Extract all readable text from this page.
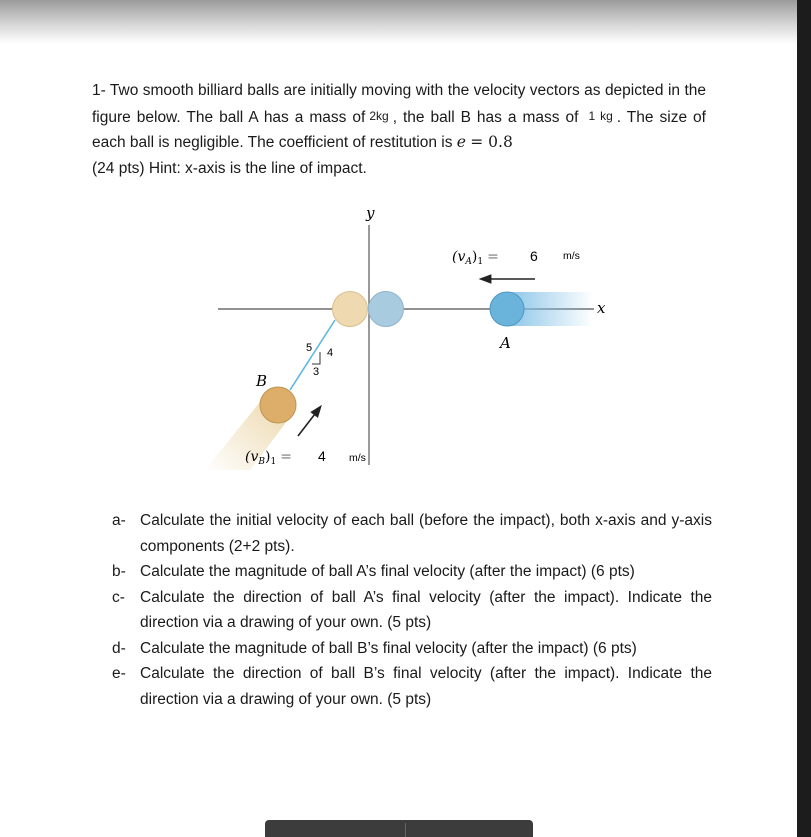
1- Two smooth billiard balls are initially moving with the velocity vectors as depicted in the figure below. The ball A has a mass of 2kg , the ball B has a mass of 1 kg . The size of each ball is negligible. The coefficient of restitution is e = 0.8
(24 pts) Hint: x-axis is the line of impact.

y
x
A
$(v_A)_1 = 6$ m/s
B
5 4
3
$(v_B)_1 = 4$ m/s
a- Calculate the initial velocity of each ball (before the impact), both x-axis and y-axis components (2+2 pts).
b- Calculate the magnitude of ball A’s final velocity (after the impact) (6 pts)
c- Calculate the direction of ball A’s final velocity (after the impact). Indicate the direction via a drawing of your own. (5 pts)
d- Calculate the magnitude of ball B’s final velocity (after the impact) (6 pts)
e- Calculate the direction of ball B’s final velocity (after the impact). Indicate the direction via a drawing of your own. (5 pts)
